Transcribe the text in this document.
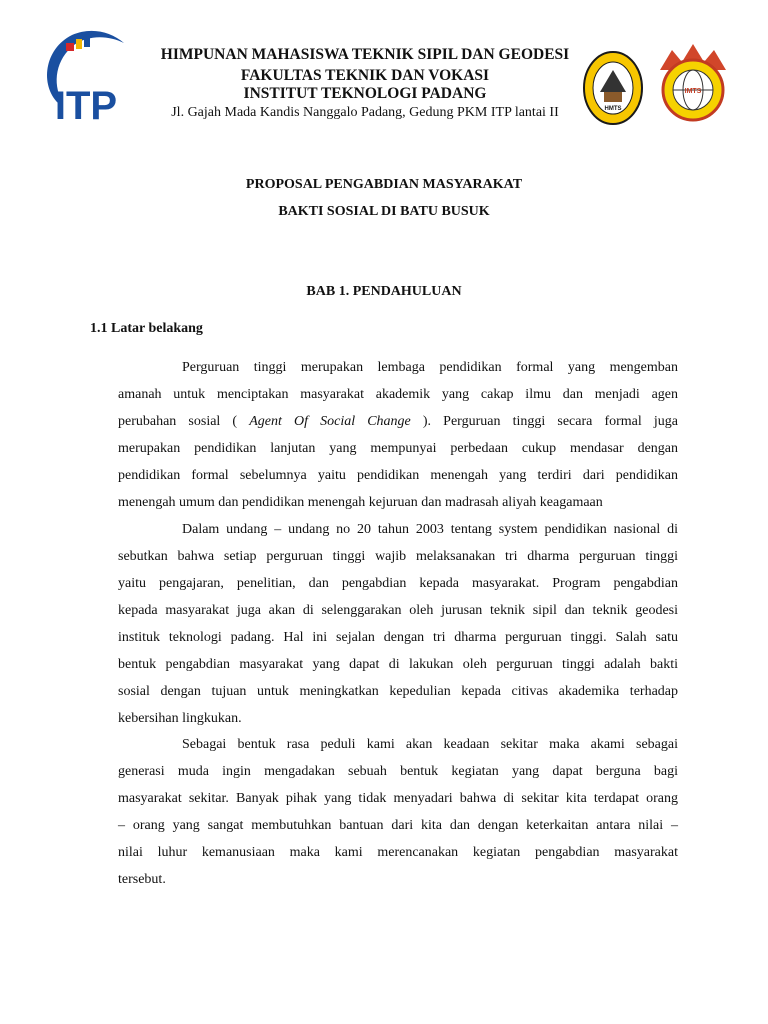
ITP	HMTS
IMTS
HIMPUNAN MAHASISWA TEKNIK SIPIL DAN GEODESI
FAKULTAS TEKNIK DAN VOKASI
INSTITUT TEKNOLOGI PADANG
Jl. Gajah Mada Kandis Nanggalo Padang, Gedung PKM ITP lantai II
PROPOSAL PENGABDIAN MASYARAKAT
BAKTI SOSIAL DI BATU BUSUK
BAB 1. PENDAHULUAN
1.1 Latar belakang
Perguruan tinggi merupakan lembaga pendidikan formal yang mengemban
amanah untuk menciptakan masyarakat akademik yang cakap ilmu dan menjadi agen
perubahan sosial ( Agent Of Social Change ). Perguruan tinggi secara formal juga
merupakan pendidikan lanjutan yang mempunyai perbedaan cukup mendasar dengan
pendidikan formal sebelumnya yaitu pendidikan menengah yang terdiri dari pendidikan
menengah umum dan pendidikan menengah kejuruan dan madrasah aliyah keagamaan
Dalam undang – undang no 20 tahun 2003 tentang system pendidikan nasional di
sebutkan bahwa setiap perguruan tinggi wajib melaksanakan tri dharma perguruan tinggi
yaitu pengajaran, penelitian, dan pengabdian kepada masyarakat. Program pengabdian
kepada masyarakat juga akan di selenggarakan oleh jurusan teknik sipil dan teknik geodesi
instituk teknologi padang. Hal ini sejalan dengan tri dharma perguruan tinggi. Salah satu
bentuk pengabdian masyarakat yang dapat di lakukan oleh perguruan tinggi adalah bakti
sosial dengan tujuan untuk meningkatkan kepedulian kepada citivas akademika terhadap
kebersihan lingkukan.
Sebagai bentuk rasa peduli kami akan keadaan sekitar maka akami sebagai
generasi muda ingin mengadakan sebuah bentuk kegiatan yang dapat berguna bagi
masyarakat sekitar. Banyak pihak yang tidak menyadari bahwa di sekitar kita terdapat orang
– orang yang sangat membutuhkan bantuan dari kita dan dengan keterkaitan antara nilai –
nilai luhur kemanusiaan maka kami merencanakan kegiatan pengabdian masyarakat
tersebut.
